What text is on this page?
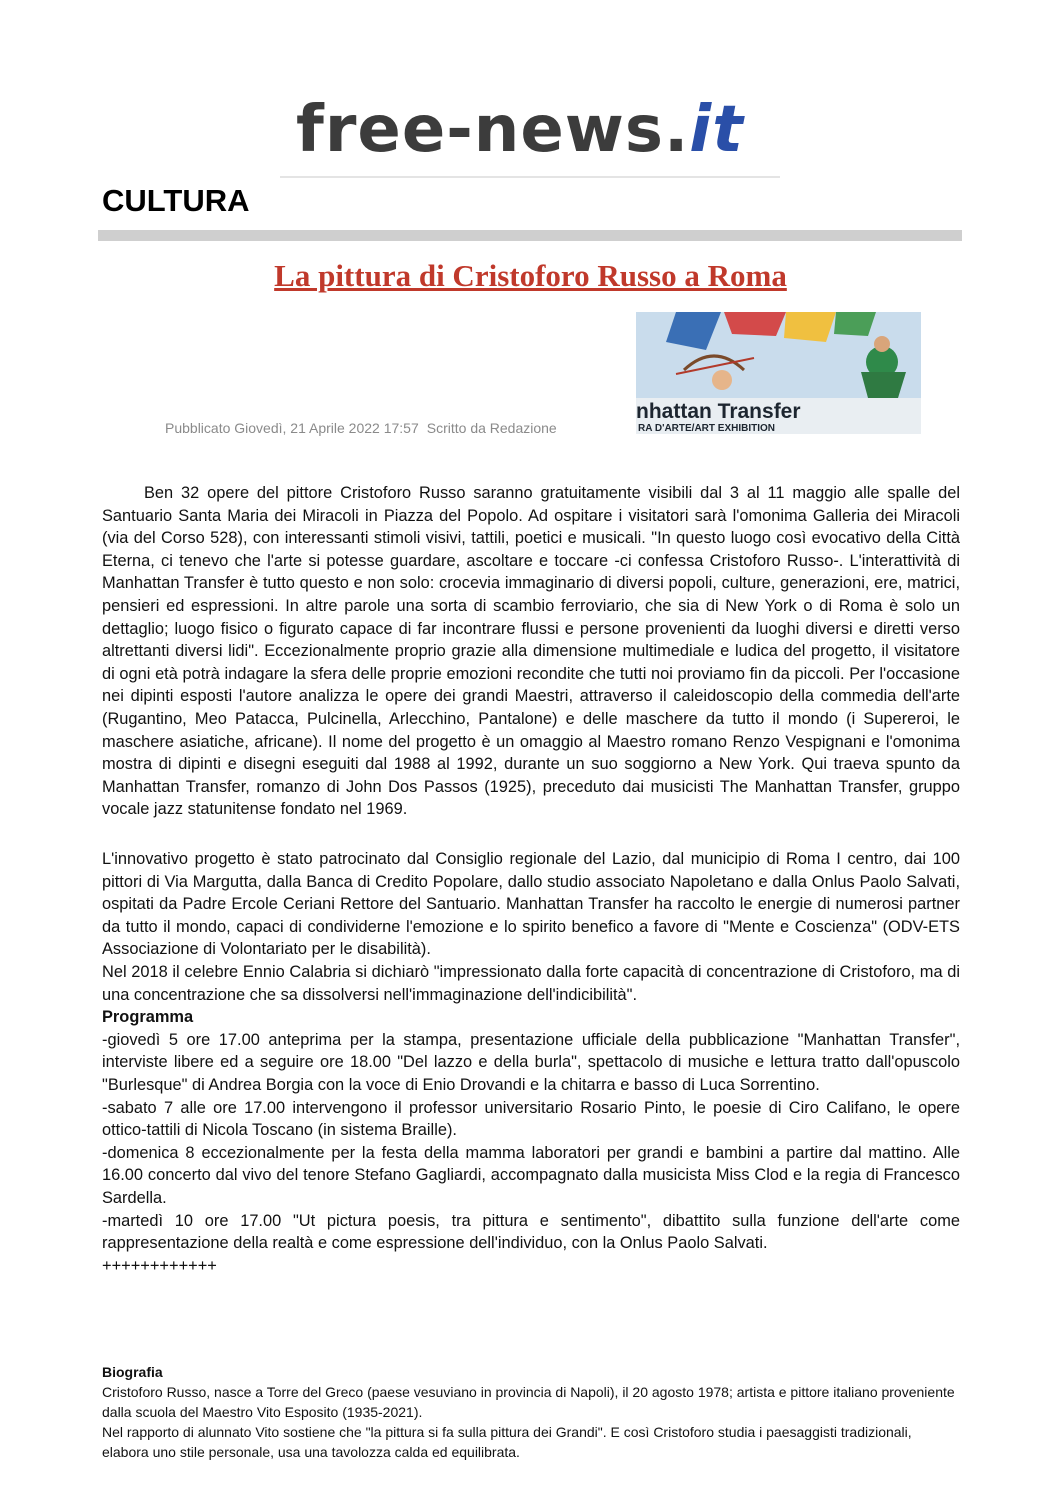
free-news.it
CULTURA
La pittura di Cristoforo Russo a Roma
nhattan Transfer
RA D'ARTE/ART EXHIBITION
Pubblicato Giovedì, 21 Aprile 2022 17:57 Scritto da Redazione
Ben 32 opere del pittore Cristoforo Russo saranno gratuitamente visibili dal 3 al 11 maggio alle spalle del Santuario Santa Maria dei Miracoli in Piazza del Popolo. Ad ospitare i visitatori sarà l'omonima Galleria dei Miracoli (via del Corso 528), con interessanti stimoli visivi, tattili, poetici e musicali. "In questo luogo così evocativo della Città Eterna, ci tenevo che l'arte si potesse guardare, ascoltare e toccare -ci confessa Cristoforo Russo-. L'interattività di Manhattan Transfer è tutto questo e non solo: crocevia immaginario di diversi popoli, culture, generazioni, ere, matrici, pensieri ed espressioni. In altre parole una sorta di scambio ferroviario, che sia di New York o di Roma è solo un dettaglio; luogo fisico o figurato capace di far incontrare flussi e persone provenienti da luoghi diversi e diretti verso altrettanti diversi lidi". Eccezionalmente proprio grazie alla dimensione multimediale e ludica del progetto, il visitatore di ogni età potrà indagare la sfera delle proprie emozioni recondite che tutti noi proviamo fin da piccoli. Per l'occasione nei dipinti esposti l'autore analizza le opere dei grandi Maestri, attraverso il caleidoscopio della commedia dell'arte (Rugantino, Meo Patacca, Pulcinella, Arlecchino, Pantalone) e delle maschere da tutto il mondo (i Supereroi, le maschere asiatiche, africane). Il nome del progetto è un omaggio al Maestro romano Renzo Vespignani e l'omonima mostra di dipinti e disegni eseguiti dal 1988 al 1992, durante un suo soggiorno a New York. Qui traeva spunto da Manhattan Transfer, romanzo di John Dos Passos (1925), preceduto dai musicisti The Manhattan Transfer, gruppo vocale jazz statunitense fondato nel 1969.
L'innovativo progetto è stato patrocinato dal Consiglio regionale del Lazio, dal municipio di Roma I centro, dai 100 pittori di Via Margutta, dalla Banca di Credito Popolare, dallo studio associato Napoletano e dalla Onlus Paolo Salvati, ospitati da Padre Ercole Ceriani Rettore del Santuario. Manhattan Transfer ha raccolto le energie di numerosi partner da tutto il mondo, capaci di condividerne l'emozione e lo spirito benefico a favore di "Mente e Coscienza" (ODV-ETS Associazione di Volontariato per le disabilità).
Nel 2018 il celebre Ennio Calabria si dichiarò "impressionato dalla forte capacità di concentrazione di Cristoforo, ma di una concentrazione che sa dissolversi nell'immaginazione dell'indicibilità".
Programma
-giovedì 5 ore 17.00 anteprima per la stampa, presentazione ufficiale della pubblicazione "Manhattan Transfer", interviste libere ed a seguire ore 18.00 "Del lazzo e della burla", spettacolo di musiche e lettura tratto dall'opuscolo "Burlesque" di Andrea Borgia con la voce di Enio Drovandi e la chitarra e basso di Luca Sorrentino.
-sabato 7 alle ore 17.00 intervengono il professor universitario Rosario Pinto, le poesie di Ciro Califano, le opere ottico-tattili di Nicola Toscano (in sistema Braille).
-domenica 8 eccezionalmente per la festa della mamma laboratori per grandi e bambini a partire dal mattino. Alle 16.00 concerto dal vivo del tenore Stefano Gagliardi, accompagnato dalla musicista Miss Clod e la regia di Francesco Sardella.
-martedì 10 ore 17.00 "Ut pictura poesis, tra pittura e sentimento", dibattito sulla funzione dell'arte come rappresentazione della realtà e come espressione dell'individuo, con la Onlus Paolo Salvati.
++++++++++++
Biografia
Cristoforo Russo, nasce a Torre del Greco (paese vesuviano in provincia di Napoli), il 20 agosto 1978; artista e pittore italiano proveniente dalla scuola del Maestro Vito Esposito (1935-2021).
Nel rapporto di alunnato Vito sostiene che "la pittura si fa sulla pittura dei Grandi". E così Cristoforo studia i paesaggisti tradizionali, elabora uno stile personale, usa una tavolozza calda ed equilibrata.
